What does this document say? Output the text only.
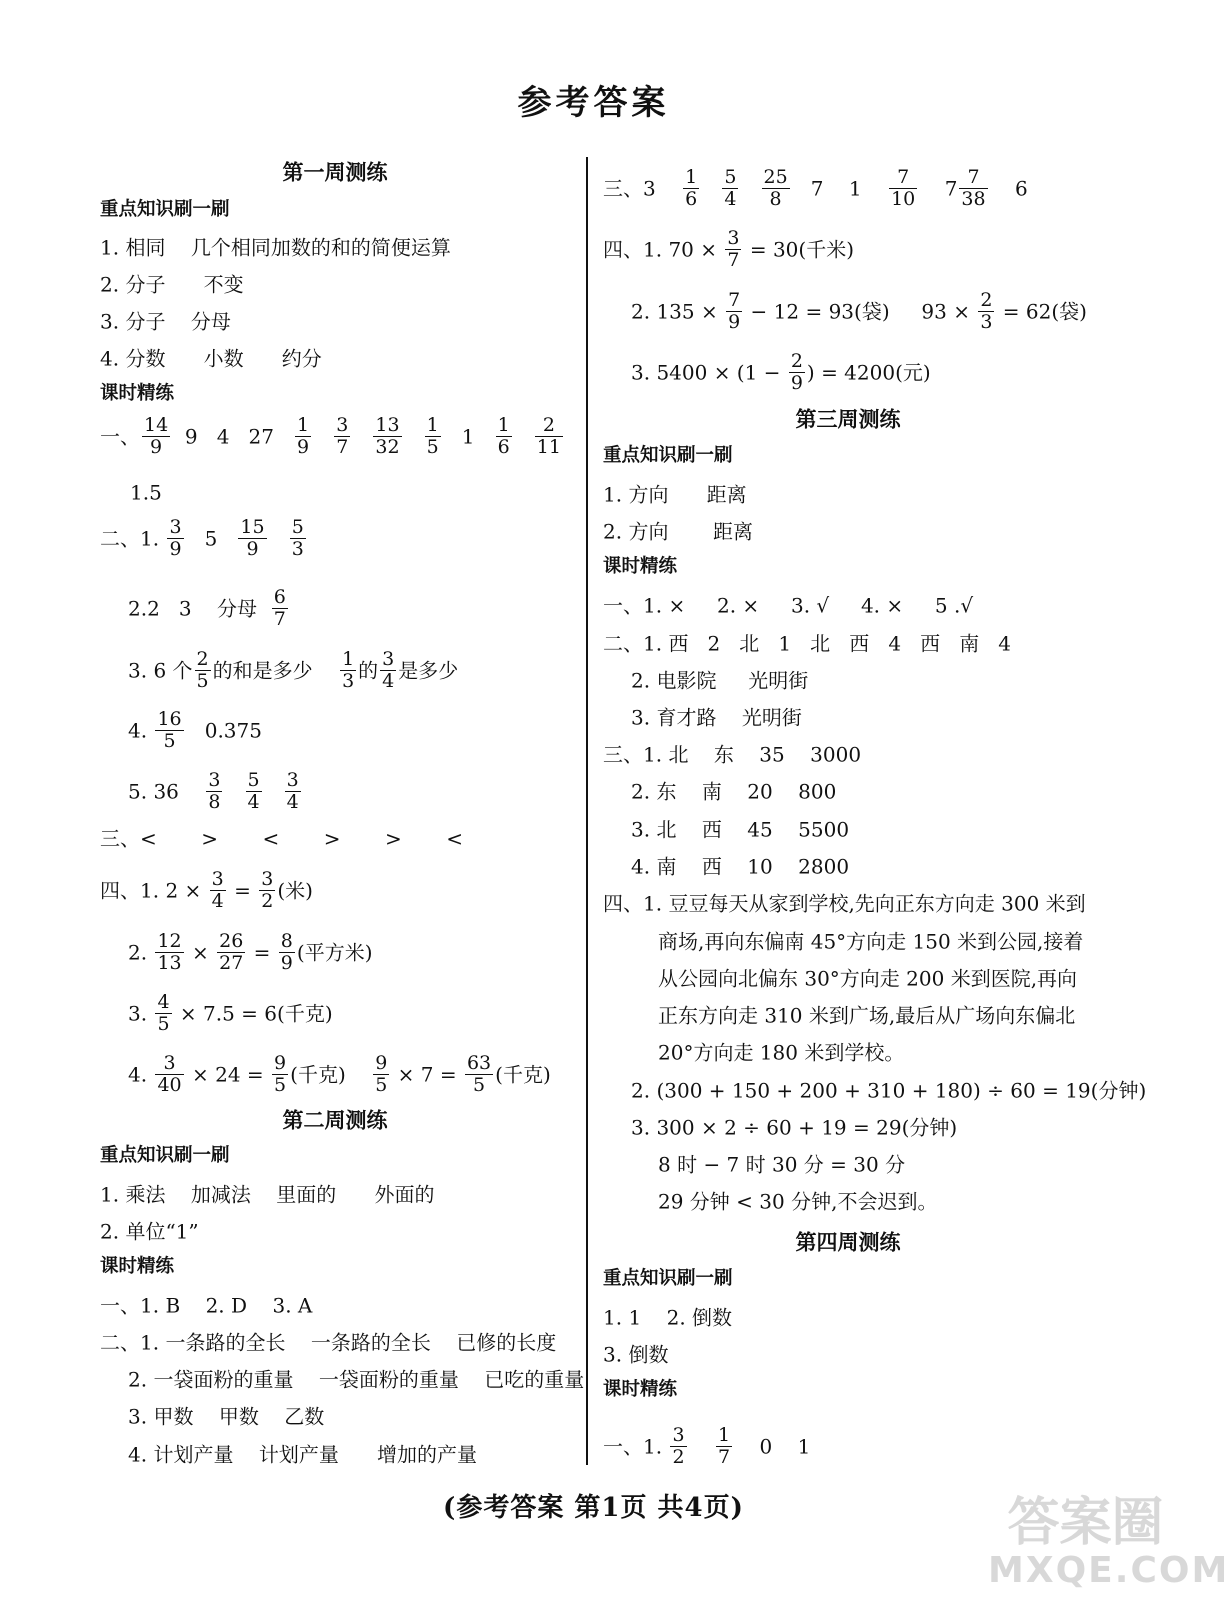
参考答案
第一周测练
重点知识刷一刷
1. 相同    几个相同加数的和的简便运算
2. 分子      不变
3. 分子    分母
4. 分数      小数      约分
课时精练
一、 $\frac{14}{9} 9$   4   $27 \frac{1}{9}$
$\frac{3}{7}$
$\frac{13}{32}$
$\frac{1}{5} 1 \frac{1}{6}$
$\frac{2}{11}$
1.5
二、1. $\frac{3}{9} 5 \frac{15}{9}$
$\frac{5}{3}$
2.2   3    分母 $\frac{6}{7}$
3. 6 个 $\frac{2}{5}$ 的和是多少 $\frac{1}{3}$ 的 $\frac{3}{4}$ 是多少
4. $\frac{16}{5} 0.375$
5. $36 \frac{3}{8}$
$\frac{5}{4}$
$\frac{3}{4}$
三、<       >       <       >       >       <
四、1. $2 \times \frac{3}{4} = \frac{3}{2}$ (米)
2. $\frac{12}{13} \times \frac{26}{27} = \frac{8}{9}$ (平方米)
3. $\frac{4}{5} \times 7.5 = 6$(千克)
4. $\frac{3}{40} \times 24 = \frac{9}{5}$ (千克) $\frac{9}{5} \times 7 = \frac{63}{5}$ (千克)
第二周测练
重点知识刷一刷
1. 乘法    加减法    里面的      外面的
2. 单位“1”
课时精练
一、1. B    2. D    3. A
二、1. 一条路的全长    一条路的全长    已修的长度
2. 一袋面粉的重量    一袋面粉的重量    已吃的重量
3. 甲数    甲数    乙数
4. 计划产量    计划产量      增加的产量
三、$3 \frac{1}{6}$
$\frac{5}{4}$
$\frac{25}{8} 7$    $1 \frac{7}{10} 7 \frac{7}{38} 6$
四、1. $70 \times \frac{3}{7} = 30$(千米)
2. $135 \times \frac{7}{9} - 12 = 93$(袋)     $93 \times \frac{2}{3} = 62$(袋)
3. $5400 \times (1 - \frac{2}{9}$ ) = 4200(元)
第三周测练
重点知识刷一刷
1. 方向      距离
2. 方向       距离
课时精练
一、1. ×     2. ×     3. √     4. ×     5 .√
二、1. 西   2   北   1   北   西   4   西   南   4
2. 电影院     光明街
3. 育才路    光明街
三、1. 北    东    35    3000
2. 东    南    20    800
3. 北    西    45    5500
4. 南    西    10    2800
四、1. 豆豆每天从家到学校,先向正东方向走 300 米到
商场,再向东偏南 45°方向走 150 米到公园,接着
从公园向北偏东 30°方向走 200 米到医院,再向
正东方向走 310 米到广场,最后从广场向东偏北
20°方向走 180 米到学校。
2. (300 + 150 + 200 + 310 + 180) ÷ 60 = 19(分钟)
3. 300 × 2 ÷ 60 + 19 = 29(分钟)
8 时 − 7 时 30 分 = 30 分
29 分钟 < 30 分钟,不会迟到。
第四周测练
重点知识刷一刷
1. 1    2. 倒数
3. 倒数
课时精练
一、1. $\frac{3}{2}$
$\frac{1}{7} 0$    1
(参考答案 第1页 共4页)	答案圈
MXQE.COM
